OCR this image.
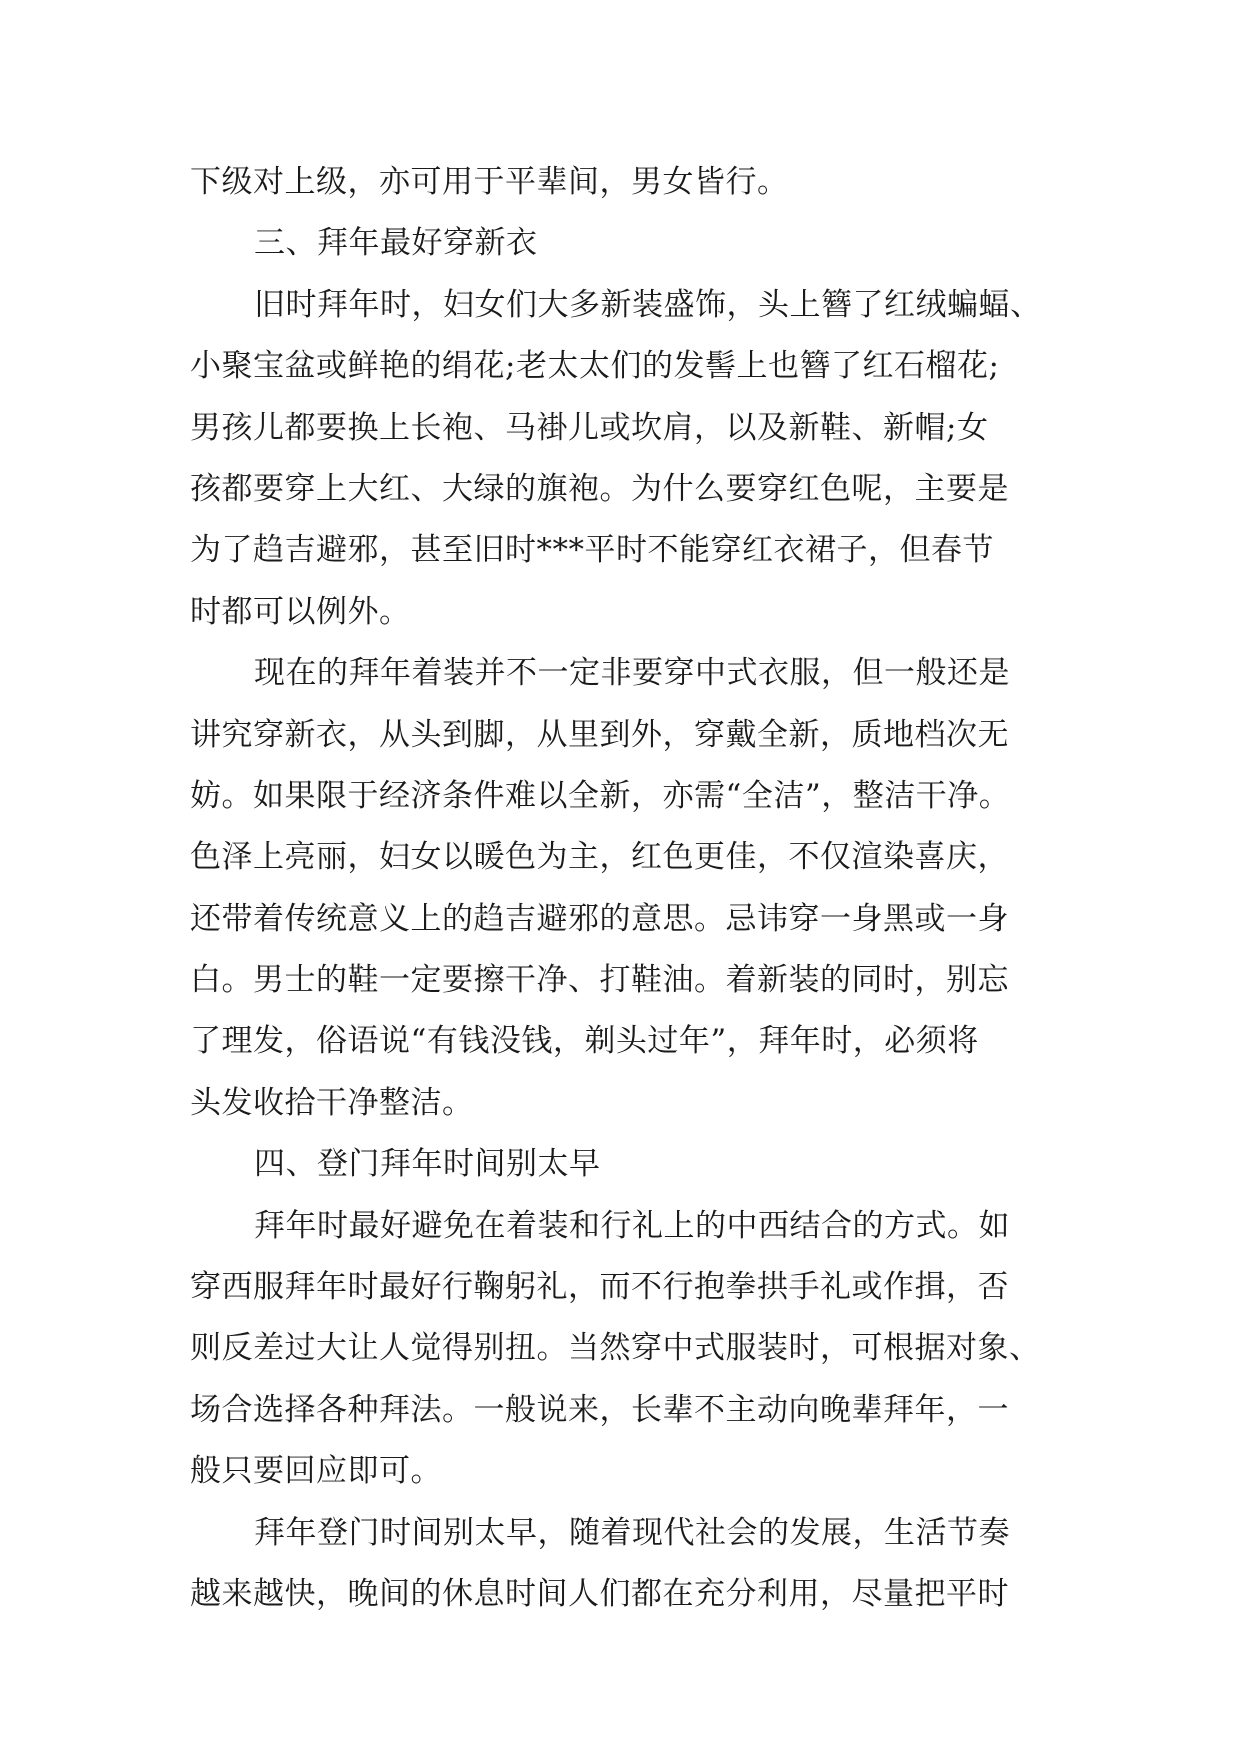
下级对上级，亦可用于平辈间，男女皆行。
三、拜年最好穿新衣
旧时拜年时，妇女们大多新装盛饰，头上簪了红绒蝙蝠、
小聚宝盆或鲜艳的绢花;老太太们的发髻上也簪了红石榴花;
男孩儿都要换上长袍、马褂儿或坎肩，以及新鞋、新帽;女
孩都要穿上大红、大绿的旗袍。为什么要穿红色呢，主要是
为了趋吉避邪，甚至旧时***平时不能穿红衣裙子，但春节
时都可以例外。
现在的拜年着装并不一定非要穿中式衣服，但一般还是
讲究穿新衣，从头到脚，从里到外，穿戴全新，质地档次无
妨。如果限于经济条件难以全新，亦需“全洁”，整洁干净。
色泽上亮丽，妇女以暖色为主，红色更佳，不仅渲染喜庆，
还带着传统意义上的趋吉避邪的意思。忌讳穿一身黑或一身
白。男士的鞋一定要擦干净、打鞋油。着新装的同时，别忘
了理发，俗语说“有钱没钱，剃头过年”，拜年时，必须将
头发收拾干净整洁。
四、登门拜年时间别太早
拜年时最好避免在着装和行礼上的中西结合的方式。如
穿西服拜年时最好行鞠躬礼，而不行抱拳拱手礼或作揖，否
则反差过大让人觉得别扭。当然穿中式服装时，可根据对象、
场合选择各种拜法。一般说来，长辈不主动向晚辈拜年，一
般只要回应即可。
拜年登门时间别太早，随着现代社会的发展，生活节奏
越来越快，晚间的休息时间人们都在充分利用，尽量把平时
